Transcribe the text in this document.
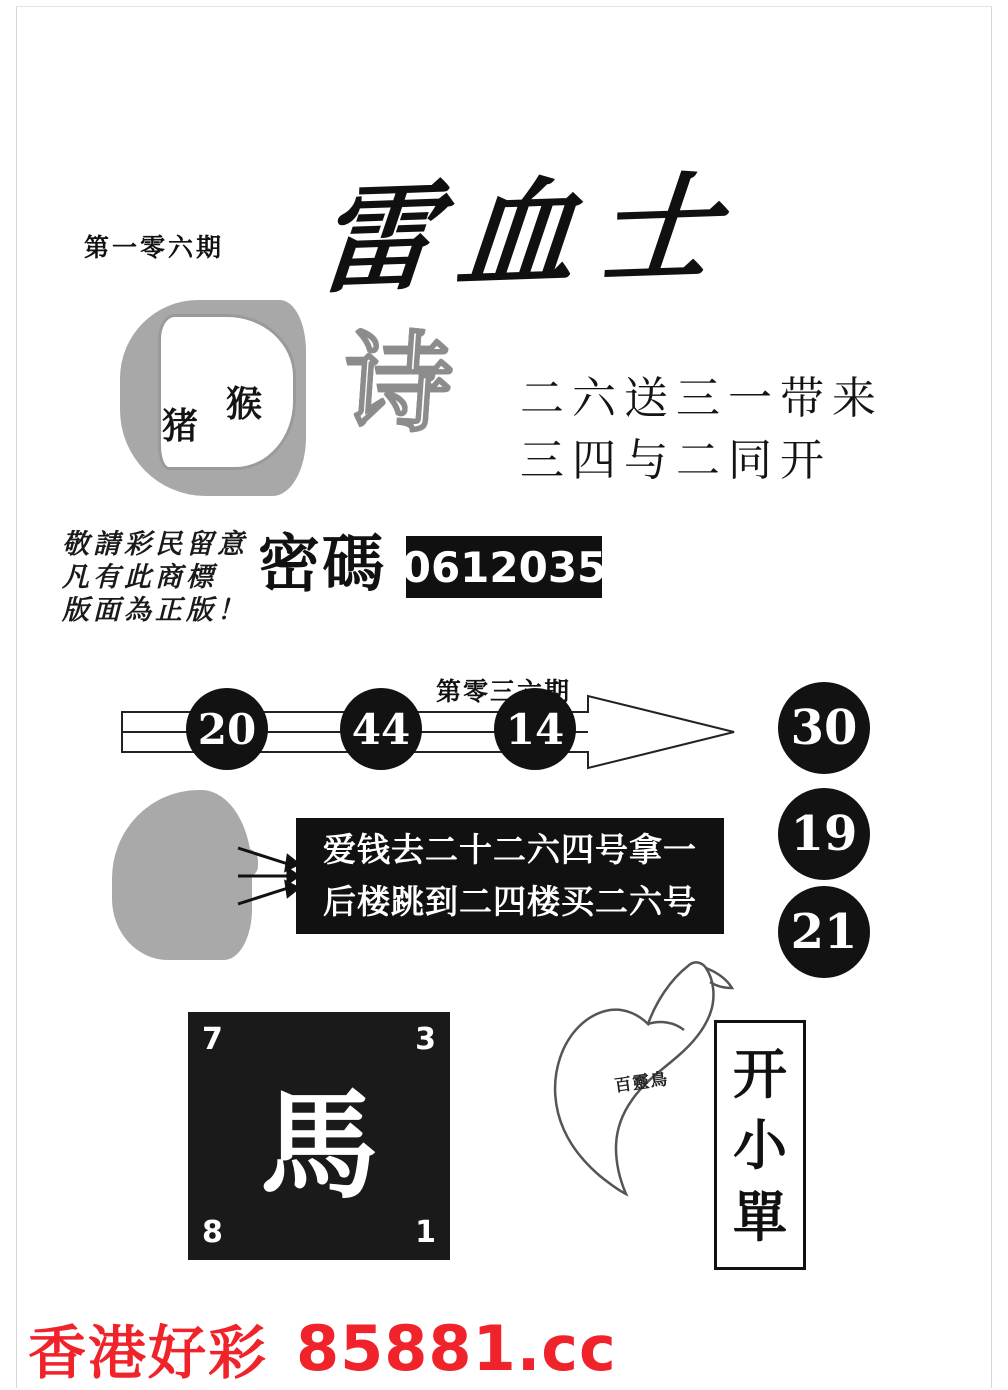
第一零六期 雷血士
猪
猴 诗 二六送三一带来
三四与二同开
敬請彩民留意
凡有此商標
版面為正版！
密碼 0612035
第零三六期
20 44 14	30
19
21
爱钱去二十二六四号拿一
后楼跳到二四楼买二六号
馬
7	3
8	1
百靈鳥 开
小
單
香港好彩 85881.cc
